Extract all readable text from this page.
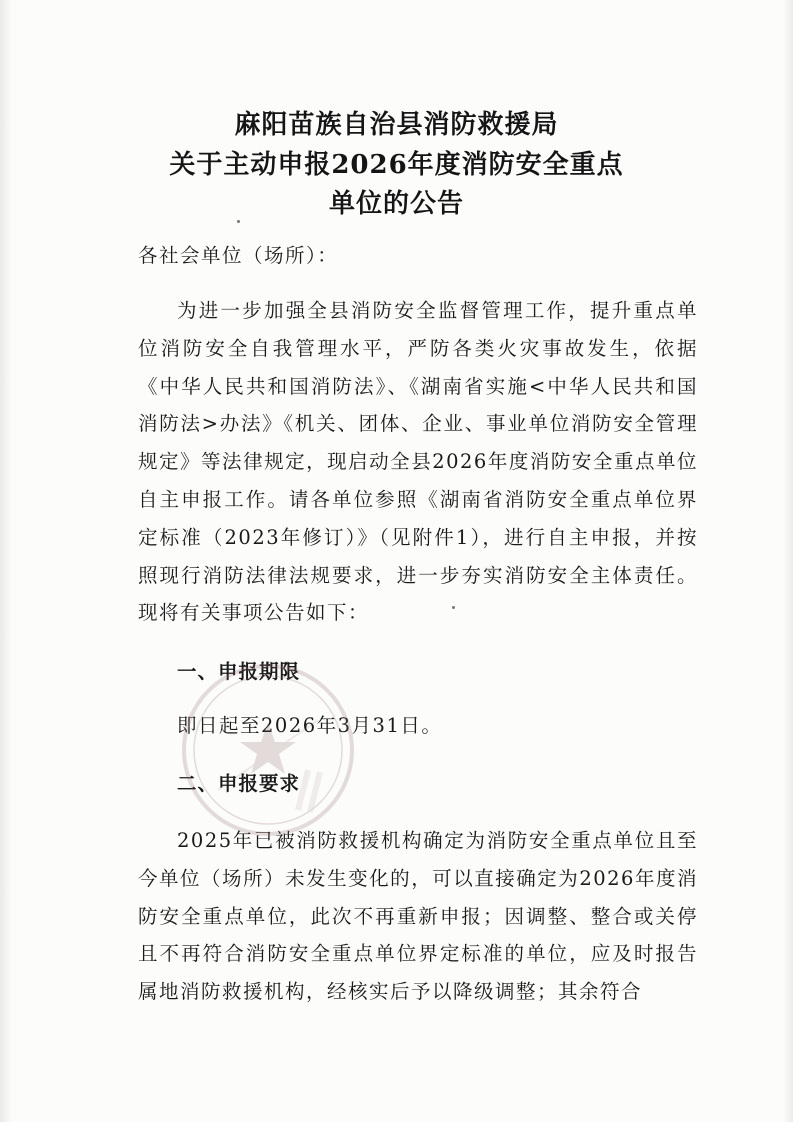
麻阳苗族自治县消防救援局
关于主动申报2026年度消防安全重点
单位的公告
各社会单位（场所）：
为进一步加强全县消防安全监督管理工作，提升重点单位消防安全自我管理水平，严防各类火灾事故发生，依据《中华人民共和国消防法》、《湖南省实施<中华人民共和国消防法>办法》《机关、团体、企业、事业单位消防安全管理规定》等法律规定，现启动全县2026年度消防安全重点单位自主申报工作。请各单位参照《湖南省消防安全重点单位界定标准（2023年修订）》（见附件1），进行自主申报，并按照现行消防法律法规要求，进一步夯实消防安全主体责任。现将有关事项公告如下：
一、申报期限
即日起至2026年3月31日。
二、申报要求
2025年已被消防救援机构确定为消防安全重点单位且至今单位（场所）未发生变化的，可以直接确定为2026年度消防安全重点单位，此次不再重新申报；因调整、整合或关停且不再符合消防安全重点单位界定标准的单位，应及时报告属地消防救援机构，经核实后予以降级调整；其余符合
